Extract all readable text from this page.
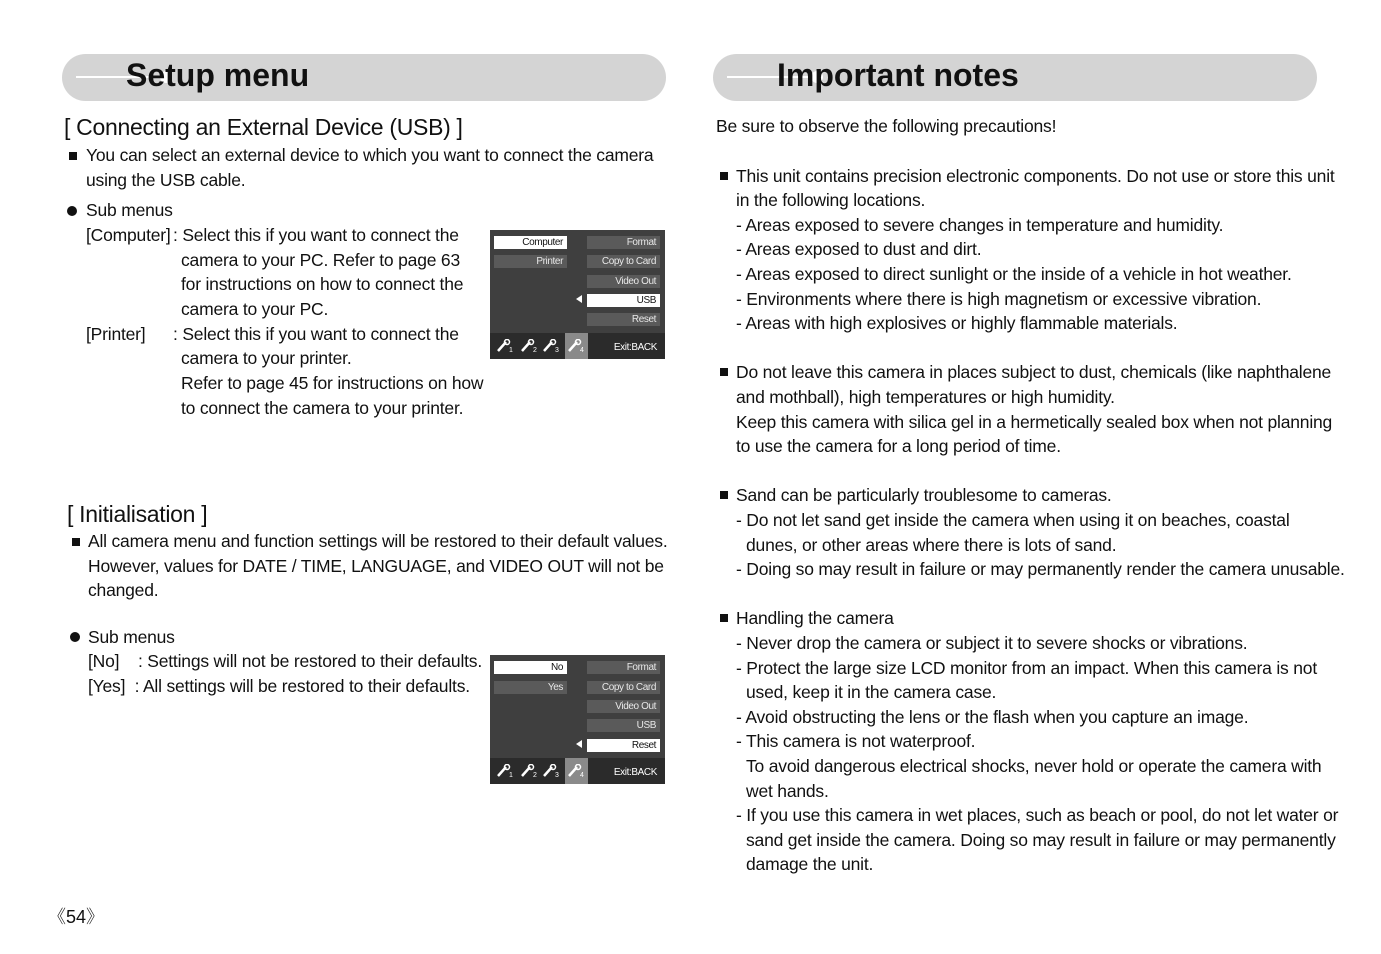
Setup menu	Important notes
[ Connecting an External Device (USB) ]
You can select an external device to which you want to connect the camera
using the USB cable.
Sub menus
[Computer] : Select this if you want to connect the
camera to your PC. Refer to page 63
for instructions on how to connect the
camera to your PC.
[Printer] : Select this if you want to connect the
camera to your printer.
Refer to page 45 for instructions on how
to connect the camera to your printer.
Computer
Printer
Format
Copy to Card
Video Out
USB
Reset
1	2	3	4	Exit:BACK
[ Initialisation ]
All camera menu and function settings will be restored to their default values.
However, values for DATE / TIME, LANGUAGE, and VIDEO OUT will not be
changed.
Sub menus
[No]    : Settings will not be restored to their defaults.
[Yes]  : All settings will be restored to their defaults.
No
Yes
Format
Copy to Card
Video Out
USB
Reset
1	2	3	4	Exit:BACK
《54》
Be sure to observe the following precautions!
This unit contains precision electronic components. Do not use or store this unit
in the following locations.
- Areas exposed to severe changes in temperature and humidity.
- Areas exposed to dust and dirt.
- Areas exposed to direct sunlight or the inside of a vehicle in hot weather.
- Environments where there is high magnetism or excessive vibration.
- Areas with high explosives or highly flammable materials.
Do not leave this camera in places subject to dust, chemicals (like naphthalene
and mothball), high temperatures or high humidity.
Keep this camera with silica gel in a hermetically sealed box when not planning
to use the camera for a long period of time.
Sand can be particularly troublesome to cameras.
- Do not let sand get inside the camera when using it on beaches, coastal
dunes, or other areas where there is lots of sand.
- Doing so may result in failure or may permanently render the camera unusable.
Handling the camera
- Never drop the camera or subject it to severe shocks or vibrations.
- Protect the large size LCD monitor from an impact. When this camera is not
used, keep it in the camera case.
- Avoid obstructing the lens or the flash when you capture an image.
- This camera is not waterproof.
To avoid dangerous electrical shocks, never hold or operate the camera with
wet hands.
- If you use this camera in wet places, such as beach or pool, do not let water or
sand get inside the camera. Doing so may result in failure or may permanently
damage the unit.
